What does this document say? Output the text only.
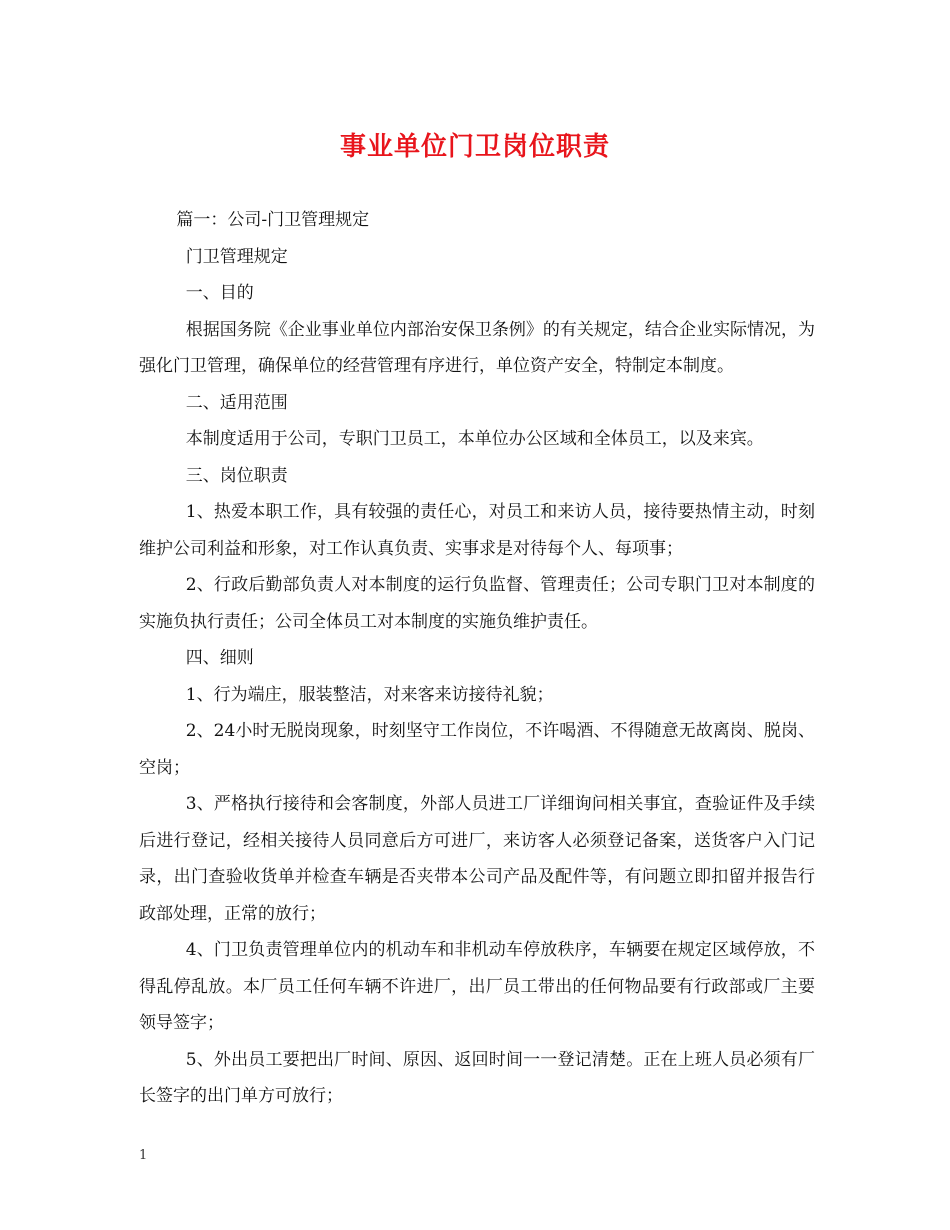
事业单位门卫岗位职责

篇一：公司-门卫管理规定

门卫管理规定

一、目的

根据国务院《企业事业单位内部治安保卫条例》的有关规定，结合企业实际情况，为强化门卫管理，确保单位的经营管理有序进行，单位资产安全，特制定本制度。

二、适用范围

本制度适用于公司，专职门卫员工，本单位办公区域和全体员工，以及来宾。

三、岗位职责

1、热爱本职工作，具有较强的责任心，对员工和来访人员，接待要热情主动，时刻维护公司利益和形象，对工作认真负责、实事求是对待每个人、每项事；

2、行政后勤部负责人对本制度的运行负监督、管理责任；公司专职门卫对本制度的实施负执行责任；公司全体员工对本制度的实施负维护责任。

四、细则

1、行为端庄，服装整洁，对来客来访接待礼貌；

2、24小时无脱岗现象，时刻坚守工作岗位，不许喝酒、不得随意无故离岗、脱岗、空岗；

3、严格执行接待和会客制度，外部人员进工厂详细询问相关事宜，查验证件及手续后进行登记，经相关接待人员同意后方可进厂，来访客人必须登记备案，送货客户入门记录，出门查验收货单并检查车辆是否夹带本公司产品及配件等，有问题立即扣留并报告行政部处理，正常的放行；

4、门卫负责管理单位内的机动车和非机动车停放秩序，车辆要在规定区域停放，不得乱停乱放。本厂员工任何车辆不许进厂，出厂员工带出的任何物品要有行政部或厂主要领导签字；

5、外出员工要把出厂时间、原因、返回时间一一登记清楚。正在上班人员必须有厂长签字的出门单方可放行；

1
